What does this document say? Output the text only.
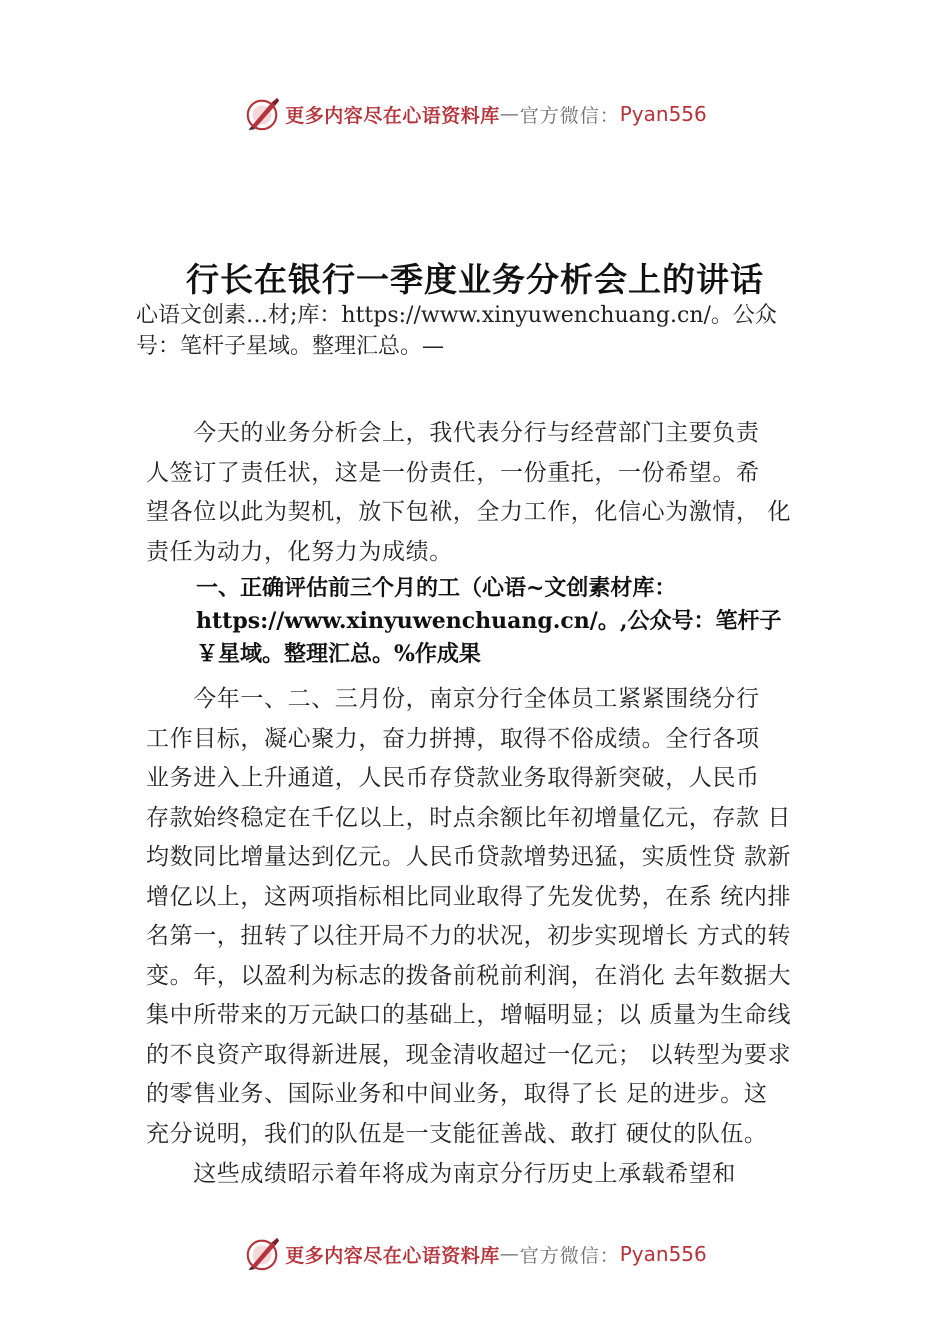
更多内容尽在心语资料库 — 官方微信： Pyan556
行长在银行一季度业务分析会上的讲话

心语文创素…材;库：https://www.xinyuwenchuang.cn/。公众
号：笔杆子星域。整理汇总。—

　　今天的业务分析会上，我代表分行与经营部门主要负责
人签订了责任状，这是一份责任，一份重托，一份希望。希
望各位以此为契机，放下包袱，全力工作，化信心为激情， 化
责任为动力，化努力为成绩。

一、正确评估前三个月的工（心语~文创素材库：
https://www.xinyuwenchuang.cn/。,公众号：笔杆子
￥星域。整理汇总。%作成果

　　今年一、二、三月份，南京分行全体员工紧紧围绕分行
工作目标，凝心聚力，奋力拼搏，取得不俗成绩。全行各项
业务进入上升通道，人民币存贷款业务取得新突破，人民币
存款始终稳定在千亿以上，时点余额比年初增量亿元，存款 日
均数同比增量达到亿元。人民币贷款增势迅猛，实质性贷 款新
增亿以上，这两项指标相比同业取得了先发优势，在系 统内排
名第一，扭转了以往开局不力的状况，初步实现增长 方式的转
变。年，以盈利为标志的拨备前税前利润，在消化 去年数据大
集中所带来的万元缺口的基础上，增幅明显；以 质量为生命线
的不良资产取得新进展，现金清收超过一亿元； 以转型为要求
的零售业务、国际业务和中间业务，取得了长 足的进步。这
充分说明，我们的队伍是一支能征善战、敢打 硬仗的队伍。

　　这些成绩昭示着年将成为南京分行历史上承载希望和

更多内容尽在心语资料库 — 官方微信： Pyan556
